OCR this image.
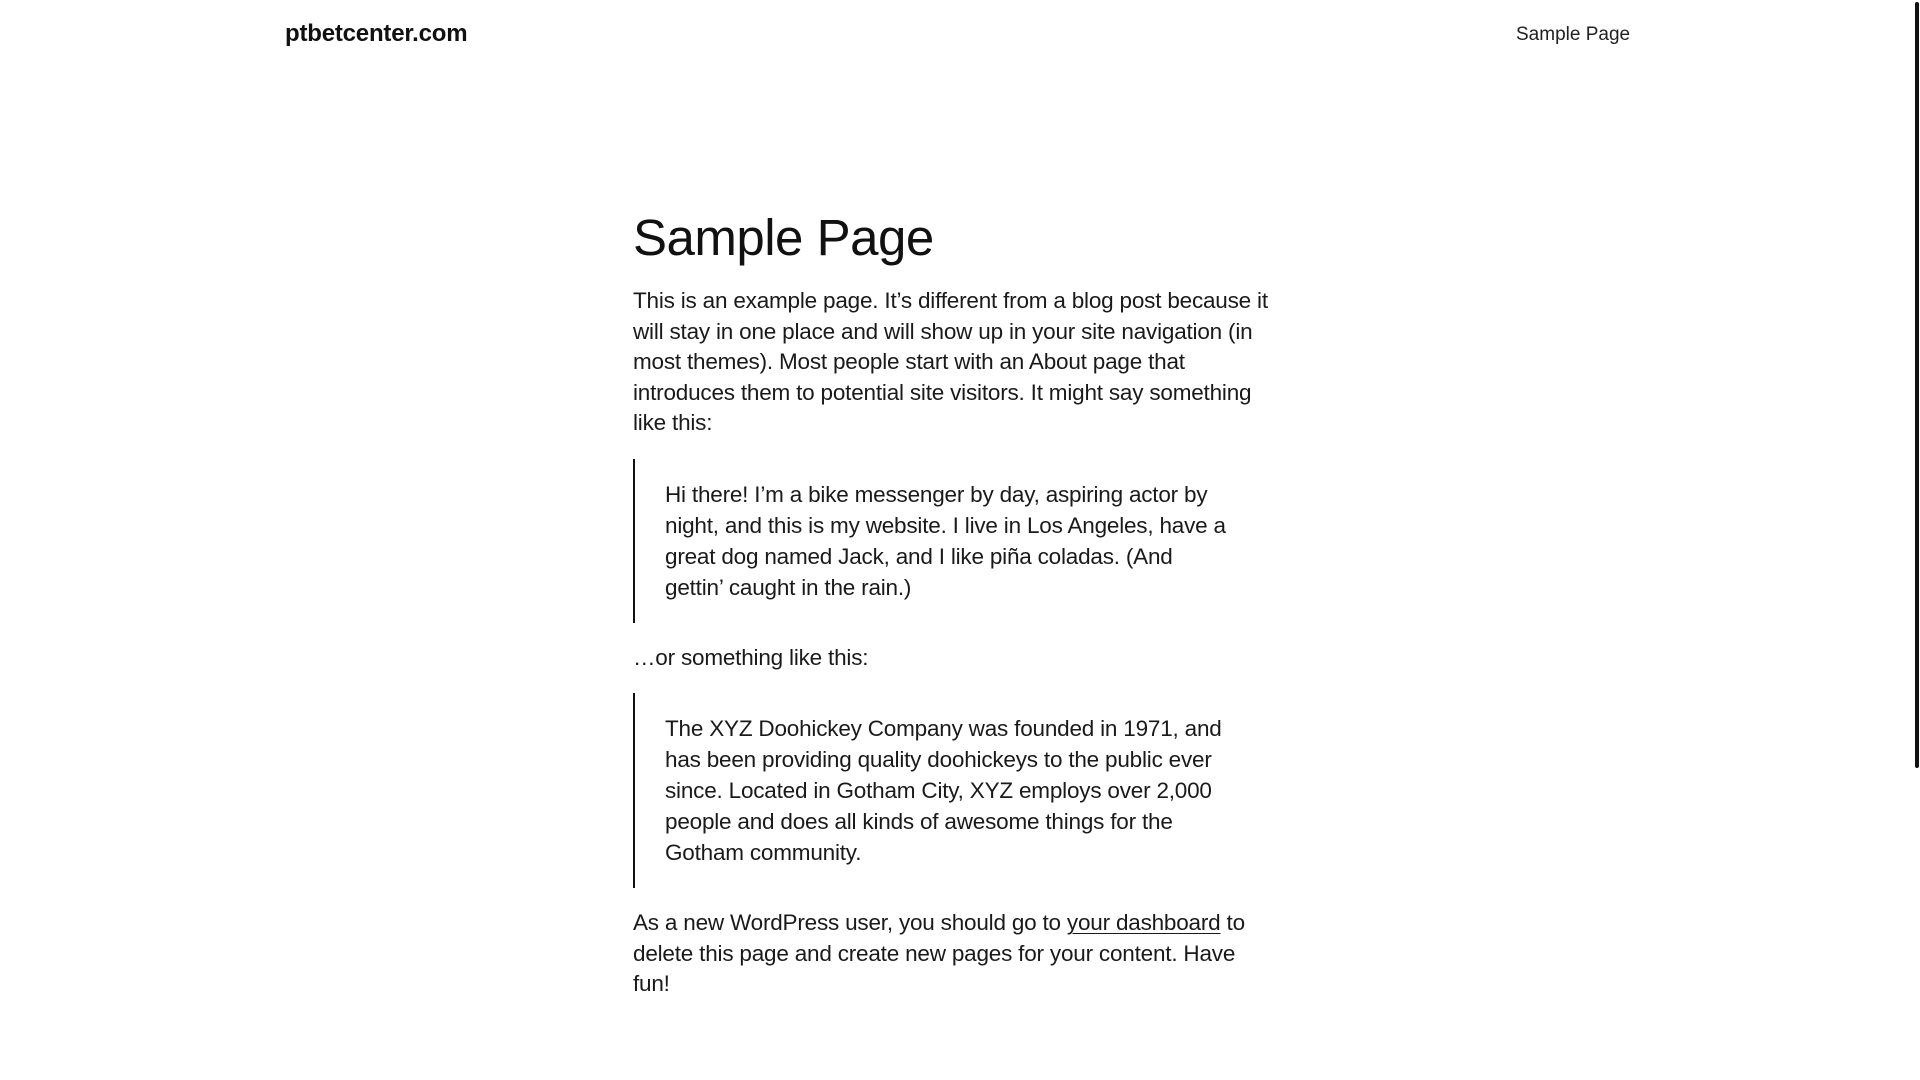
ptbetcenter.com	Sample Page
Sample Page

This is an example page. It’s different from a blog post because it will stay in one place and will show up in your site navigation (in most themes). Most people start with an About page that introduces them to potential site visitors. It might say something like this:

Hi there! I’m a bike messenger by day, aspiring actor by night, and this is my website. I live in Los Angeles, have a great dog named Jack, and I like piña coladas. (And gettin’ caught in the rain.)

…or something like this:

The XYZ Doohickey Company was founded in 1971, and has been providing quality doohickeys to the public ever since. Located in Gotham City, XYZ employs over 2,000 people and does all kinds of awesome things for the Gotham community.

As a new WordPress user, you should go to your dashboard to delete this page and create new pages for your content. Have fun!
